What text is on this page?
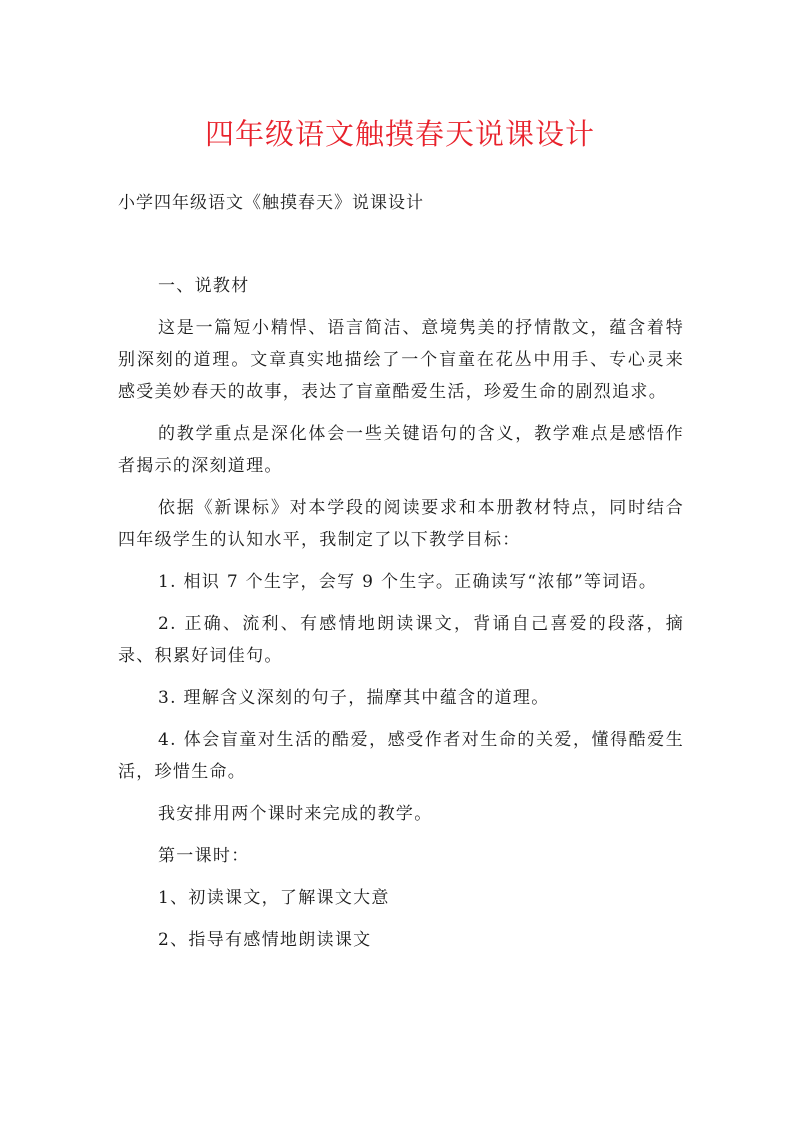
四年级语文触摸春天说课设计
小学四年级语文《触摸春天》说课设计

一、说教材

这是一篇短小精悍、语言简洁、意境隽美的抒情散文，蕴含着特别深刻的道理。文章真实地描绘了一个盲童在花丛中用手、专心灵来感受美妙春天的故事，表达了盲童酷爱生活，珍爱生命的剧烈追求。

的教学重点是深化体会一些关键语句的含义，教学难点是感悟作者揭示的深刻道理。

依据《新课标》对本学段的阅读要求和本册教材特点，同时结合四年级学生的认知水平，我制定了以下教学目标：

1. 相识 7 个生字，会写 9 个生字。正确读写“浓郁”等词语。

2. 正确、流利、有感情地朗读课文，背诵自己喜爱的段落，摘录、积累好词佳句。

3. 理解含义深刻的句子，揣摩其中蕴含的道理。

4. 体会盲童对生活的酷爱，感受作者对生命的关爱，懂得酷爱生活，珍惜生命。

我安排用两个课时来完成的教学。

第一课时：

1、初读课文，了解课文大意

2、指导有感情地朗读课文
